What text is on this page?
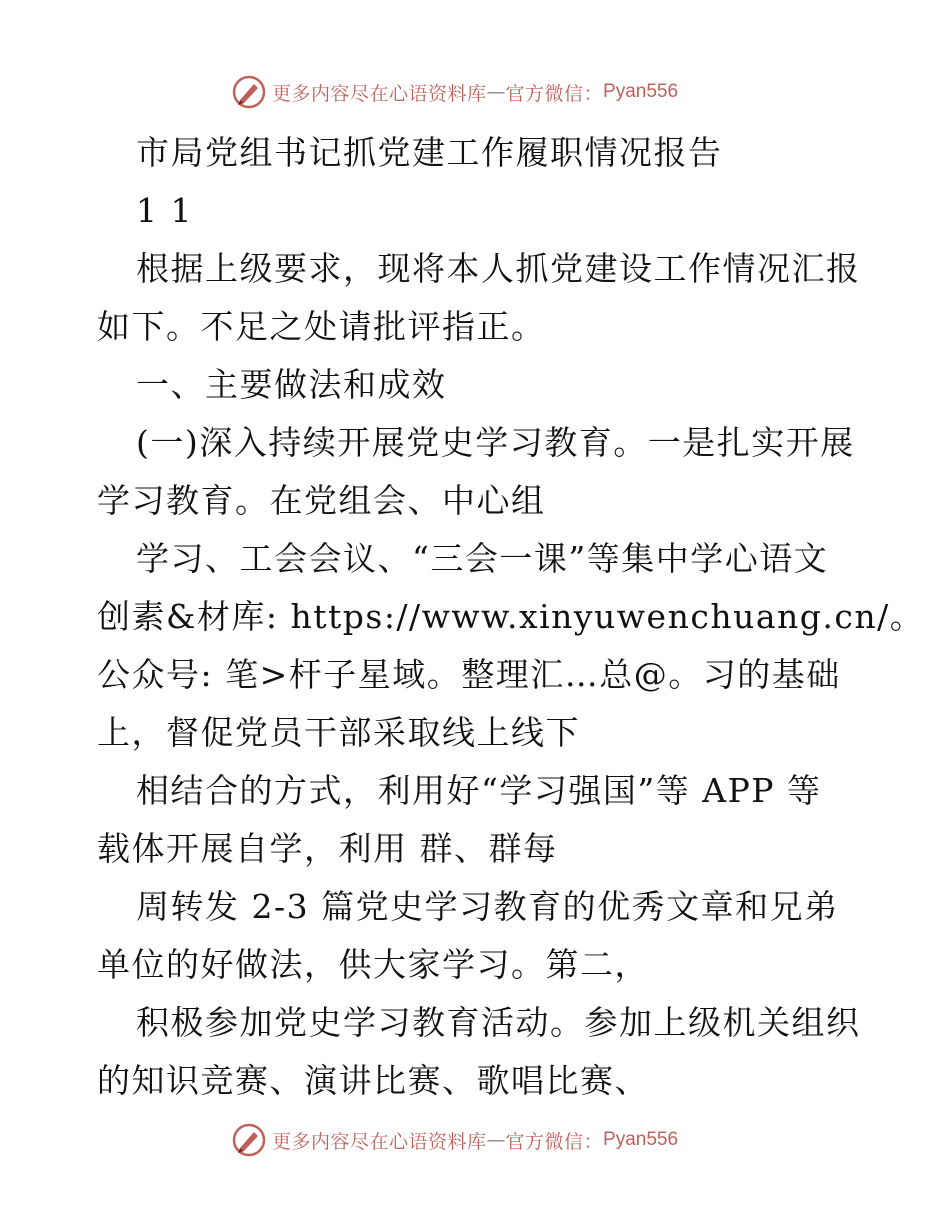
更多内容尽在心语资料库 — 官方微信： Pyan556
市局党组书记抓党建工作履职情况报告
1 1
根据上级要求，现将本人抓党建设工作情况汇报
如下。不足之处请批评指正。
一、主要做法和成效
(一)深入持续开展党史学习教育。一是扎实开展
学习教育。在党组会、中心组
学习、工会会议、“三会一课”等集中学心语文
创素&材库: https://www.xinyuwenchuang.cn/。
公众号: 笔>杆子星域。整理汇…总@。习的基础
上，督促党员干部采取线上线下
相结合的方式，利用好“学习强国”等 APP 等
载体开展自学，利用 群、群每
周转发 2-3 篇党史学习教育的优秀文章和兄弟
单位的好做法，供大家学习。第二，
积极参加党史学习教育活动。参加上级机关组织
的知识竞赛、演讲比赛、歌唱比赛、
更多内容尽在心语资料库 — 官方微信： Pyan556
